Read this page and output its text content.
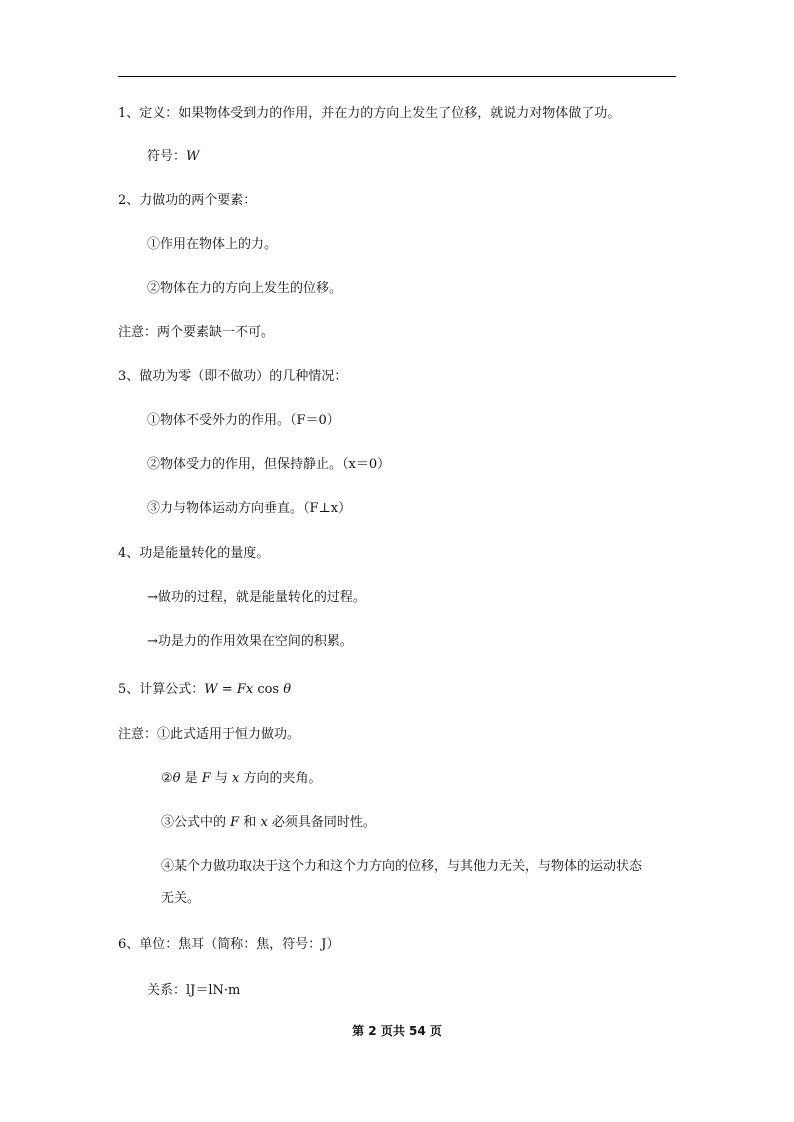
1、定义：如果物体受到力的作用，并在力的方向上发生了位移，就说力对物体做了功。
符号：W
2、力做功的两个要素：
①作用在物体上的力。
②物体在力的方向上发生的位移。
注意：两个要素缺一不可。
3、做功为零（即不做功）的几种情况：
①物体不受外力的作用。（F＝0）
②物体受力的作用，但保持静止。（x＝0）
③力与物体运动方向垂直。（F⊥x）
4、功是能量转化的量度。
→做功的过程，就是能量转化的过程。
→功是力的作用效果在空间的积累。
5、计算公式：W = Fx cos θ
注意：①此式适用于恒力做功。
②θ 是 F 与 x 方向的夹角。
③公式中的 F 和 x 必须具备同时性。
④某个力做功取决于这个力和这个力方向的位移，与其他力无关，与物体的运动状态
无关。
6、单位：焦耳（简称：焦，符号：J）
关系：lJ＝lN·m
第 2 页共 54 页
